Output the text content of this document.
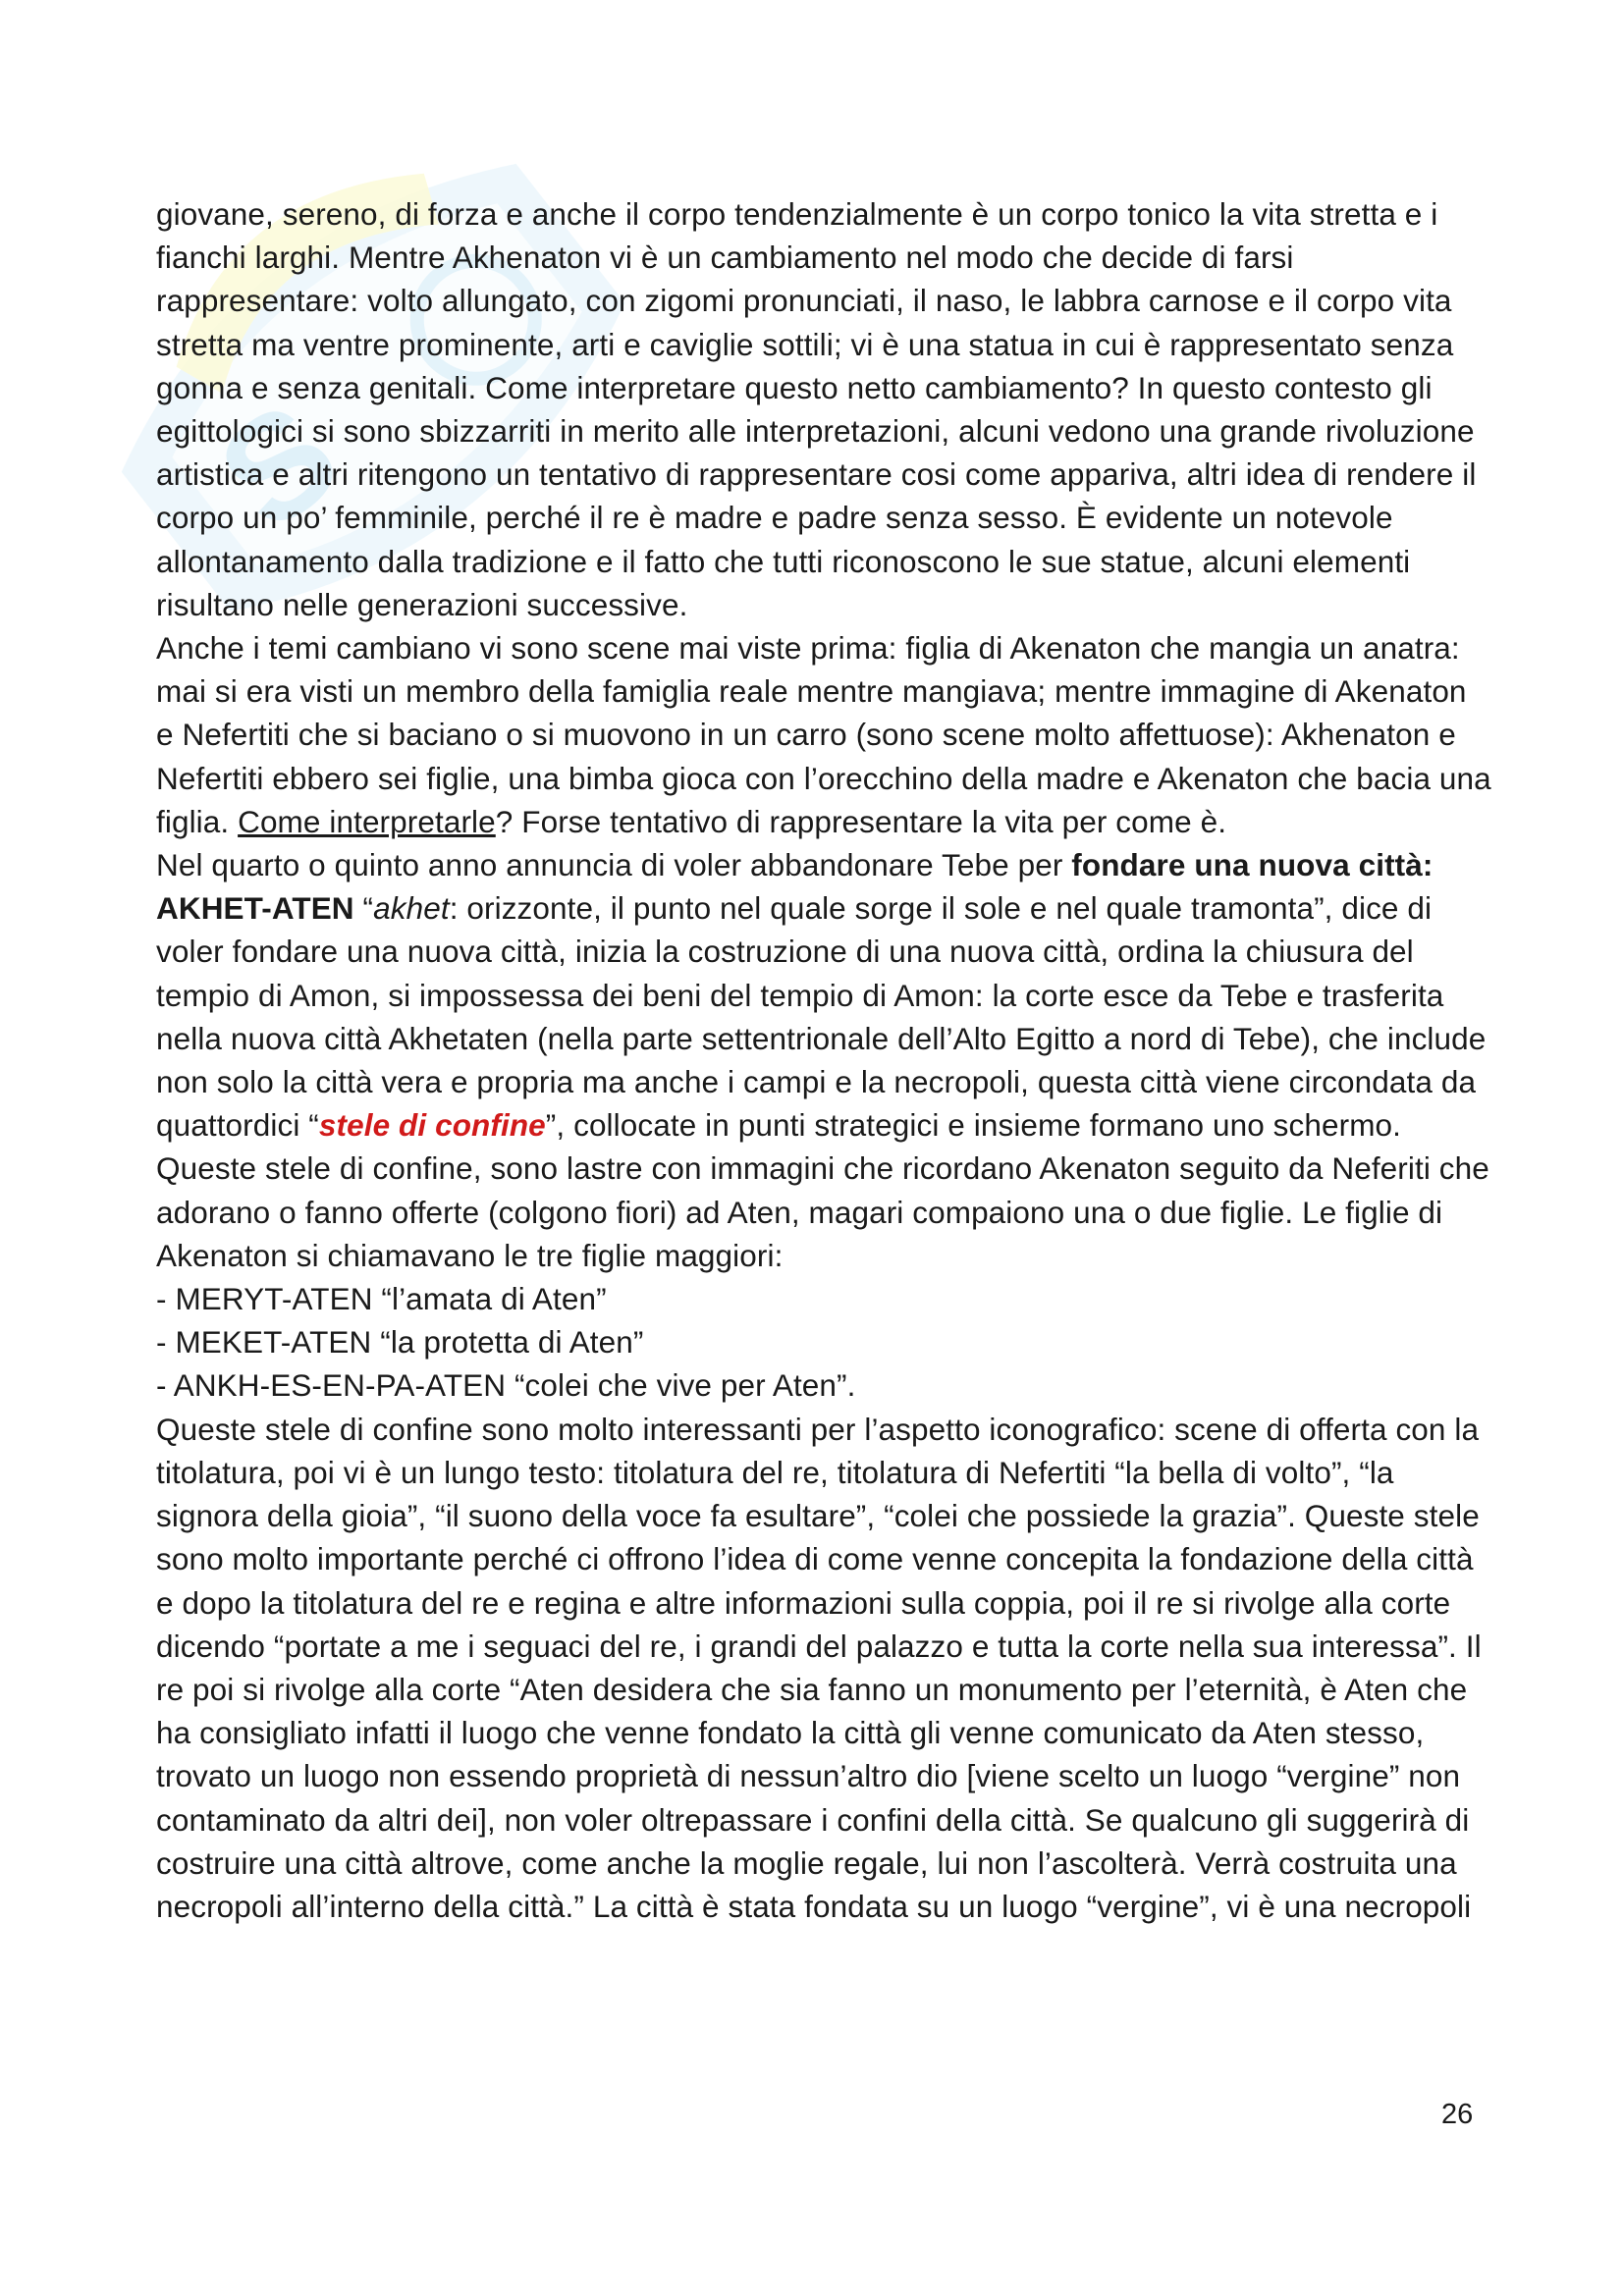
S

giovane, sereno, di forza e anche il corpo tendenzialmente è un corpo tonico la vita stretta e i fianchi larghi. Mentre Akhenaton vi è un cambiamento nel modo che decide di farsi rappresentare: volto allungato, con zigomi pronunciati, il naso, le labbra carnose e il corpo vita stretta ma ventre prominente, arti e caviglie sottili; vi è una statua in cui è rappresentato senza gonna e senza genitali. Come interpretare questo netto cambiamento? In questo contesto gli egittologici si sono sbizzarriti in merito alle interpretazioni, alcuni vedono una grande rivoluzione artistica e altri ritengono un tentativo di rappresentare cosi come appariva, altri idea di rendere il corpo un po’ femminile, perché il re è madre e padre senza sesso. È evidente un notevole allontanamento dalla tradizione e il fatto che tutti riconoscono le sue statue, alcuni elementi risultano nelle generazioni successive.

Anche i temi cambiano vi sono scene mai viste prima: figlia di Akenaton che mangia un anatra: mai si era visti un membro della famiglia reale mentre mangiava; mentre immagine di Akenaton e Nefertiti che si baciano o si muovono in un carro (sono scene molto affettuose): Akhenaton e Nefertiti ebbero sei figlie, una bimba gioca con l’orecchino della madre e Akenaton che bacia una figlia. Come interpretarle? Forse tentativo di rappresentare la vita per come è.

Nel quarto o quinto anno annuncia di voler abbandonare Tebe per fondare una nuova città: AKHET-ATEN “akhet: orizzonte, il punto nel quale sorge il sole e nel quale tramonta”, dice di voler fondare una nuova città, inizia la costruzione di una nuova città, ordina la chiusura del tempio di Amon, si impossessa dei beni del tempio di Amon: la corte esce da Tebe e trasferita nella nuova città Akhetaten (nella parte settentrionale dell’Alto Egitto a nord di Tebe), che include non solo la città vera e propria ma anche i campi e la necropoli, questa città viene circondata da quattordici “stele di confine”, collocate in punti strategici e insieme formano uno schermo. Queste stele di confine, sono lastre con immagini che ricordano Akenaton seguito da Neferiti che adorano o fanno offerte (colgono fiori) ad Aten, magari compaiono una o due figlie. Le figlie di Akenaton si chiamavano le tre figlie maggiori:

- MERYT-ATEN “l’amata di Aten”

- MEKET-ATEN “la protetta di Aten”

- ANKH-ES-EN-PA-ATEN “colei che vive per Aten”.

Queste stele di confine sono molto interessanti per l’aspetto iconografico: scene di offerta con la titolatura, poi vi è un lungo testo: titolatura del re, titolatura di Nefertiti “la bella di volto”, “la signora della gioia”, “il suono della voce fa esultare”, “colei che possiede la grazia”. Queste stele sono molto importante perché ci offrono l’idea di come venne concepita la fondazione della città e dopo la titolatura del re e regina e altre informazioni sulla coppia, poi il re si rivolge alla corte dicendo “portate a me i seguaci del re, i grandi del palazzo e tutta la corte nella sua interessa”. Il re poi si rivolge alla corte “Aten desidera che sia fanno un monumento per l’eternità, è Aten che ha consigliato infatti il luogo che venne fondato la città gli venne comunicato da Aten stesso, trovato un luogo non essendo proprietà di nessun’altro dio [viene scelto un luogo “vergine” non contaminato da altri dei], non voler oltrepassare i confini della città. Se qualcuno gli suggerirà di costruire una città altrove, come anche la moglie regale, lui non l’ascolterà. Verrà costruita una necropoli all’interno della città.” La città è stata fondata su un luogo “vergine”, vi è una necropoli

26
